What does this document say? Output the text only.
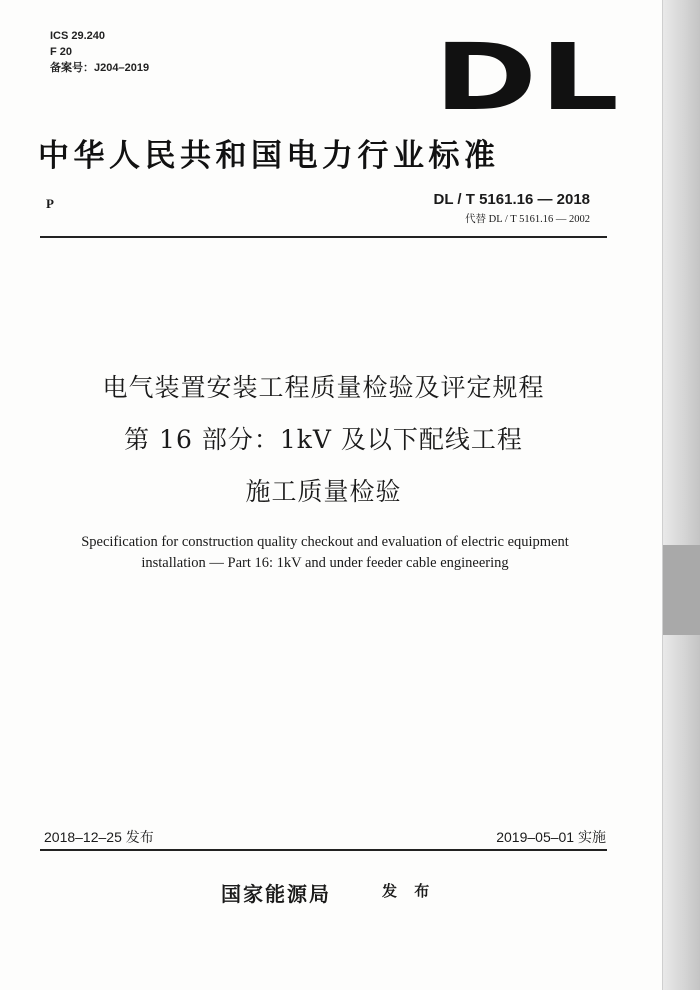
ICS 29.240
F 20
备案号：J204–2019	DL
中华人民共和国电力行业标准
P	DL / T 5161.16 — 2018
代替 DL / T 5161.16 — 2002
电气装置安装工程质量检验及评定规程
第 16 部分：1kV 及以下配线工程
施工质量检验
Specification for construction quality checkout and evaluation of electric equipment
installation — Part 16: 1kV and under feeder cable engineering
2018–12–25 发布	2019–05–01 实施
国家能源局	发 布
